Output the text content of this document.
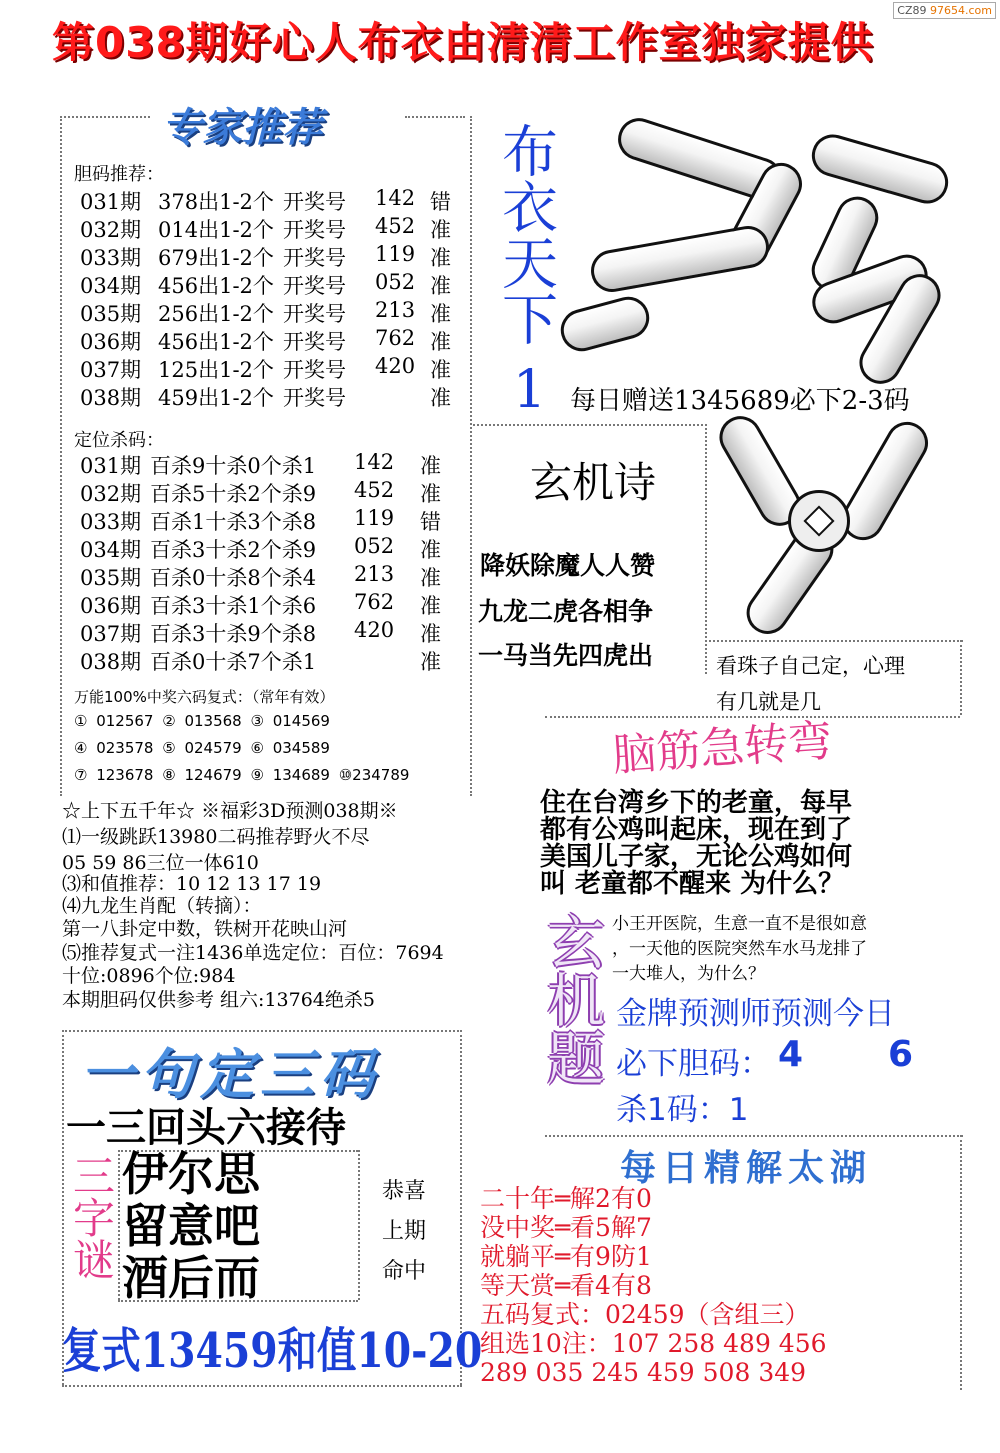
CZ89 97654.com
第038期好心人布衣由清清工作室独家提供
专家推荐
胆码推荐：
031期 378出1-2个 开奖号 142 错
032期 014出1-2个 开奖号 452 准
033期 679出1-2个 开奖号 119 准
034期 456出1-2个 开奖号 052 准
035期 256出1-2个 开奖号 213 准
036期 456出1-2个 开奖号 762 准
037期 125出1-2个 开奖号 420 准
038期 459出1-2个 开奖号	准
定位杀码：
031期 百杀9十杀0个杀1 142 准
032期 百杀5十杀2个杀9 452 准
033期 百杀1十杀3个杀8 119 错
034期 百杀3十杀2个杀9 052 准
035期 百杀0十杀8个杀4 213 准
036期 百杀3十杀1个杀6 762 准
037期 百杀3十杀9个杀8 420 准
038期 百杀0十杀7个杀1	准
万能100%中奖六码复式：（常年有效）
① 012567 ② 013568 ③ 014569
④ 023578 ⑤ 024579 ⑥ 034589
⑦ 123678 ⑧ 124679 ⑨ 134689 ⑩234789
☆上下五千年☆ ※福彩3D预测038期※
⑴一级跳跃13980二码推荐野火不尽
05 59 86三位一体610
⑶和值推荐：10 12 13 17 19
⑷九龙生肖配（转摘）：
第一八卦定中数，铁树开花映山河
⑸推荐复式一注1436单选定位：百位：7694
十位:0896个位:984
本期胆码仅供参考 组六:13764绝杀5
布衣天下
1 每日赠送1345689必下2-3码
玄机诗
降妖除魔人人赞
九龙二虎各相争
一马当先四虎出	看珠子自己定，心理
有几就是几
脑筋急转弯
住在台湾乡下的老童，每早
都有公鸡叫起床，现在到了
美国儿子家，无论公鸡如何
叫 老童都不醒来 为什么？
玄机题 小王开医院，生意一直不是很如意
，一天他的医院突然车水马龙排了
一大堆人，为什么？
金牌预测师预测今日
必下胆码： 4 6
杀1码：1
一句定三码
一三回头六接待
三字谜 伊尔思
留意吧
酒后而
恭喜
上期
命中
复式13459和值10-20
每日精解太湖
二十年═解2有0
没中奖═看5解7
就躺平═有9防1
等天赏═看4有8
五码复式：02459（含组三）
组选10注：107 258 489 456
289 035 245 459 508 349
